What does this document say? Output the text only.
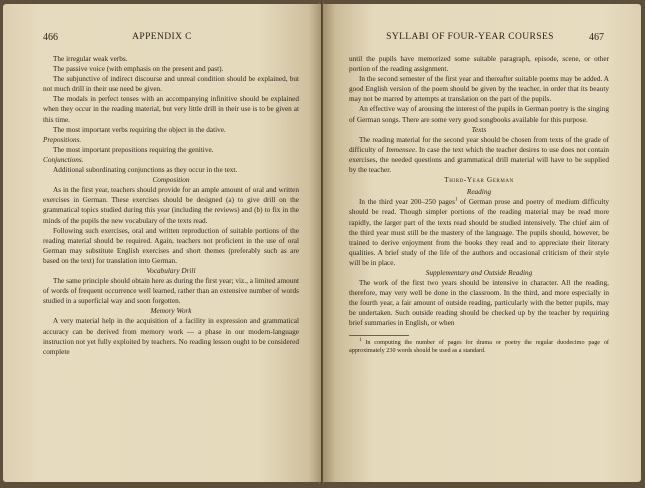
466	APPENDIX C

The irregular weak verbs.

The passive voice (with emphasis on the present and past).

The subjunctive of indirect discourse and unreal condition should be explained, but not much drill in their use need be given.

The modals in perfect tenses with an accompanying infinitive should be explained when they occur in the reading material, but very little drill in their use is to be given at this time.

The most important verbs requiring the object in the dative.

Prepositions.

The most important prepositions requiring the genitive.

Conjunctions.

Additional subordinating conjunctions as they occur in the text.

Composition

As in the first year, teachers should provide for an ample amount of oral and written exercises in German. These exercises should be designed (a) to give drill on the grammatical topics studied during this year (including the reviews) and (b) to fix in the minds of the pupils the new vocabulary of the texts read.

Following such exercises, oral and written reproduction of suitable portions of the reading material should be required. Again, teachers not proficient in the use of oral German may substitute English exercises and short themes (preferably such as are based on the text) for translation into German.

Vocabulary Drill

The same principle should obtain here as during the first year; viz., a limited amount of words of frequent occurrence well learned, rather than an extensive number of words studied in a superficial way and soon forgotten.

Memory Work

A very material help in the acquisition of a facility in expression and grammatical accuracy can be derived from memory work — a phase in our modern-language instruction not yet fully exploited by teachers. No reading lesson ought to be considered complete

SYLLABI OF FOUR-YEAR COURSES	467

until the pupils have memorized some suitable paragraph, episode, scene, or other portion of the reading assignment.

In the second semester of the first year and thereafter suitable poems may be added. A good English version of the poem should be given by the teacher, in order that its beauty may not be marred by attempts at translation on the part of the pupils.

An effective way of arousing the interest of the pupils in German poetry is the singing of German songs. There are some very good songbooks available for this purpose.

Texts

The reading material for the second year should be chosen from texts of the grade of difficulty of Immensee. In case the text which the teacher desires to use does not contain exercises, the needed questions and grammatical drill material will have to be supplied by the teacher.

Third-Year German

Reading

In the third year 200–250 pages$^1$ of German prose and poetry of medium difficulty should be read. Though simpler portions of the reading material may be read more rapidly, the larger part of the texts read should be studied intensively. The chief aim of the third year must still be the mastery of the language. The pupils should, however, be trained to derive enjoyment from the books they read and to appreciate their literary qualities. A brief study of the life of the authors and occasional criticism of their style will be in place.

Supplementary and Outside Reading

The work of the first two years should be intensive in character. All the reading, therefore, may very well be done in the classroom. In the third, and more especially in the fourth year, a fair amount of outside reading, particularly with the better pupils, may be undertaken. Such outside reading should be checked up by the teacher by requiring brief summaries in English, or when

$^1$ In computing the number of pages for drama or poetry the regular duodecimo page of approximately 230 words should be used as a standard.
